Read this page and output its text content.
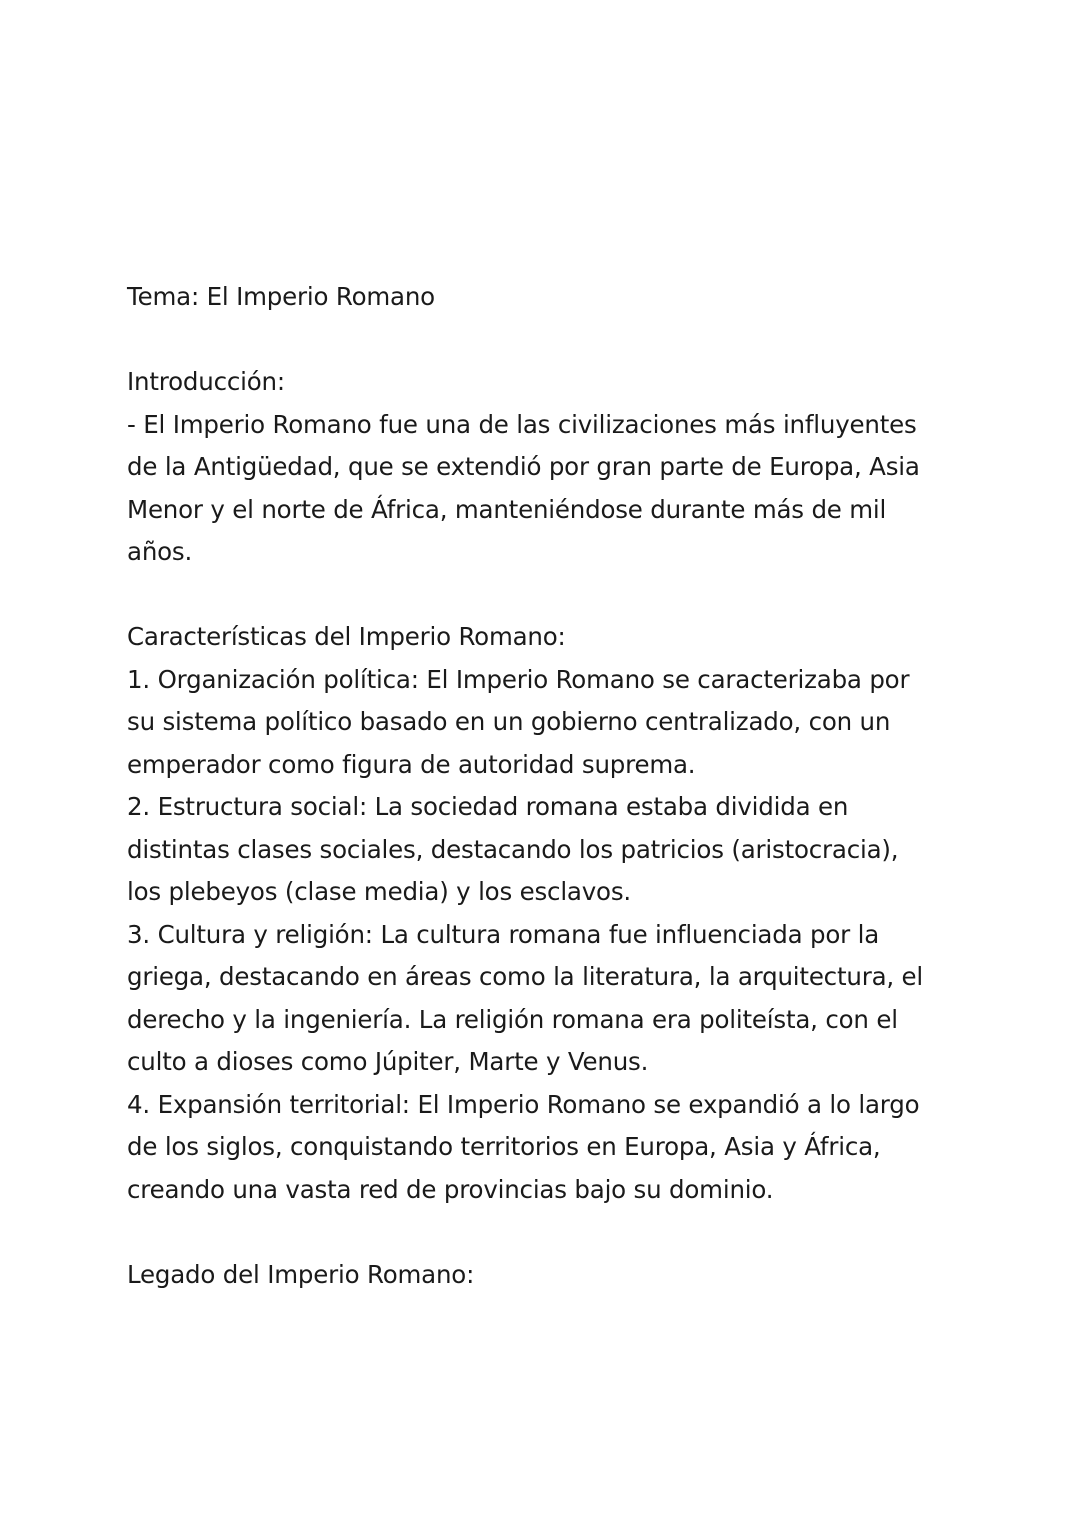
Tema: El Imperio Romano
Introducción:
- El Imperio Romano fue una de las civilizaciones más influyentes
de la Antigüedad, que se extendió por gran parte de Europa, Asia
Menor y el norte de África, manteniéndose durante más de mil
años.
Características del Imperio Romano:
1. Organización política: El Imperio Romano se caracterizaba por
su sistema político basado en un gobierno centralizado, con un
emperador como figura de autoridad suprema.
2. Estructura social: La sociedad romana estaba dividida en
distintas clases sociales, destacando los patricios (aristocracia),
los plebeyos (clase media) y los esclavos.
3. Cultura y religión: La cultura romana fue influenciada por la
griega, destacando en áreas como la literatura, la arquitectura, el
derecho y la ingeniería. La religión romana era politeísta, con el
culto a dioses como Júpiter, Marte y Venus.
4. Expansión territorial: El Imperio Romano se expandió a lo largo
de los siglos, conquistando territorios en Europa, Asia y África,
creando una vasta red de provincias bajo su dominio.
Legado del Imperio Romano:
